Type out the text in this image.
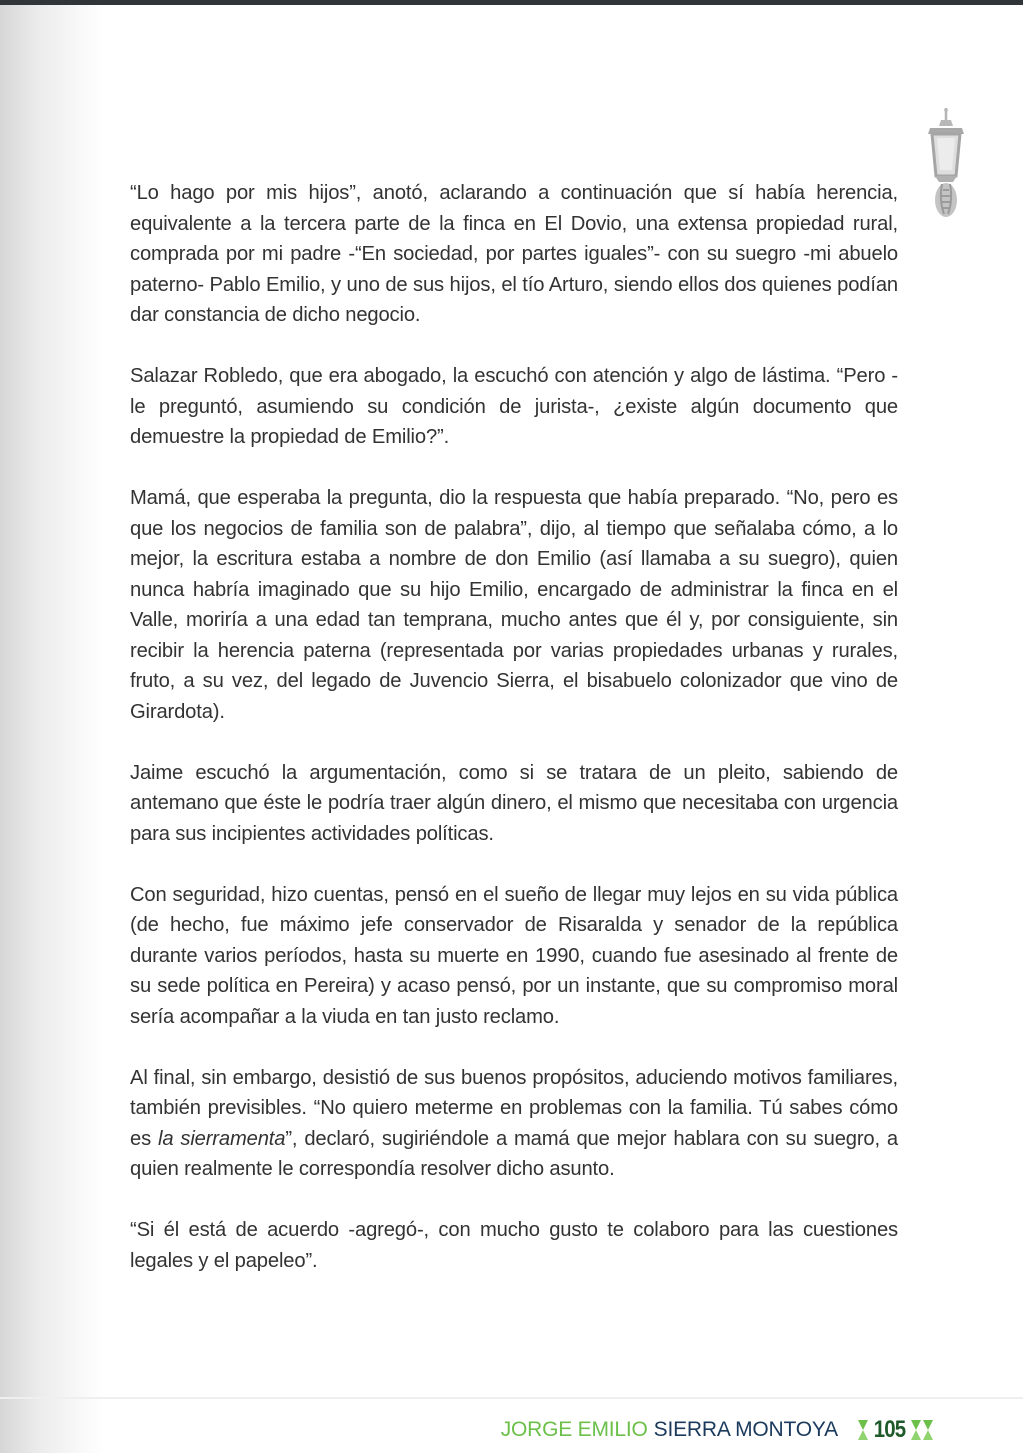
“Lo hago por mis hijos”, anotó, aclarando a continuación que sí había herencia, equivalente a la tercera parte de la finca en El Dovio, una extensa propiedad rural, comprada por mi padre -“En sociedad, por partes iguales”- con su suegro -mi abuelo paterno- Pablo Emilio, y uno de sus hijos, el tío Arturo, siendo ellos dos quienes podían dar constancia de dicho negocio.

Salazar Robledo, que era abogado, la escuchó con atención y algo de lástima. “Pero -le preguntó, asumiendo su condición de jurista-, ¿existe algún documento que demuestre la propiedad de Emilio?”.

Mamá, que esperaba la pregunta, dio la respuesta que había preparado. “No, pero es que los negocios de familia son de palabra”, dijo, al tiempo que señalaba cómo, a lo mejor, la escritura estaba a nombre de don Emilio (así llamaba a su suegro), quien nunca habría imaginado que su hijo Emilio, encargado de administrar la finca en el Valle, moriría a una edad tan temprana, mucho antes que él y, por consiguiente, sin recibir la herencia paterna (representada por varias propiedades urbanas y rurales, fruto, a su vez, del legado de Juvencio Sierra, el bisabuelo colonizador que vino de Girardota).

Jaime escuchó la argumentación, como si se tratara de un pleito, sabiendo de antemano que éste le podría traer algún dinero, el mismo que necesitaba con urgencia para sus incipientes actividades políticas.

Con seguridad, hizo cuentas, pensó en el sueño de llegar muy lejos en su vida pública (de hecho, fue máximo jefe conservador de Risaralda y senador de la república durante varios períodos, hasta su muerte en 1990, cuando fue asesinado al frente de su sede política en Pereira) y acaso pensó, por un instante, que su compromiso moral sería acompañar a la viuda en tan justo reclamo.

Al final, sin embargo, desistió de sus buenos propósitos, aduciendo motivos familiares, también previsibles. “No quiero meterme en problemas con la familia. Tú sabes cómo es la sierramenta”, declaró, sugiriéndole a mamá que mejor hablara con su suegro, a quien realmente le correspondía resolver dicho asunto.

“Si él está de acuerdo -agregó-, con mucho gusto te colaboro para las cuestiones legales y el papeleo”.

JORGE EMILIO SIERRA MONTOYA 105
